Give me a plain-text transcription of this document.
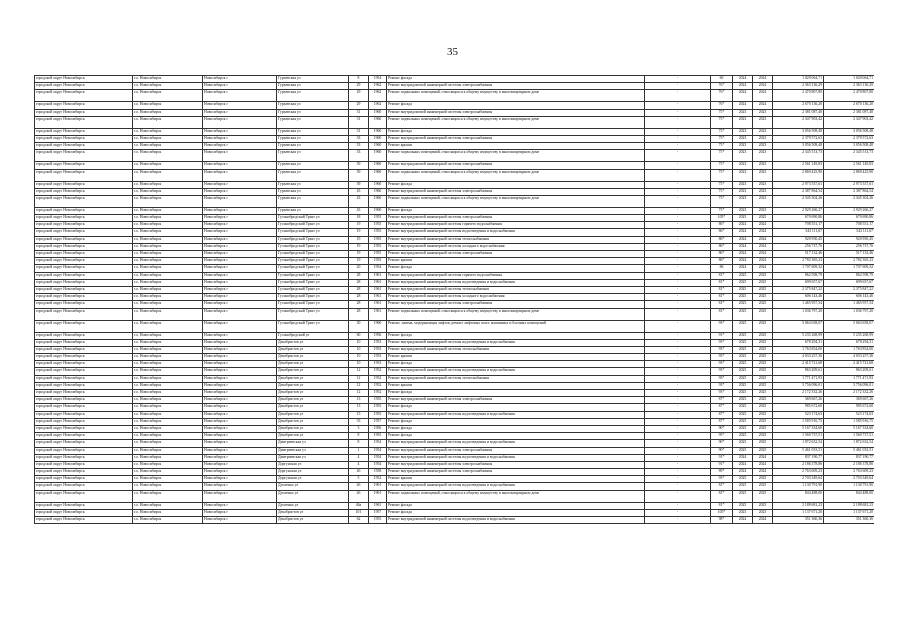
35
городской округ Новосибирск	г.о. Новосибирск	Новосибирск г	Гурьевская ул	8	1954	Ремонт фасада	-	60	2024	2024	1 020 064,71	1 020 064,71
городской округ Новосибирск	г.о. Новосибирск	Новосибирск г	Гурьевская ул	29	1962	Ремонт внутридомовой инженерной системы электроснабжения	-	76*	2024	2024	2 363 136,29	2 363 136,29
городской округ Новосибирск	г.о. Новосибирск	Новосибирск г	Гурьевская ул	29	1962	Ремонт подвальных помещений, относящихся к общему имуществу в многоквартирном доме	-	76*	2024	2024	2 470 807,80	2 470 807,80
городской округ Новосибирск	г.о. Новосибирск	Новосибирск г	Гурьевская ул	29	1962	Ремонт фасада	-	76*	2024	2024	2 670 136,20	2 670 136,20
городской округ Новосибирск	г.о. Новосибирск	Новосибирск г	Гурьевская ул	31	1960	Ремонт внутридомовой инженерной системы электроснабжения	-	75*	2023	2023	2 381 087,40	2 381 087,40
городской округ Новосибирск	г.о. Новосибирск	Новосибирск г	Гурьевская ул	31	1960	Ремонт подвальных помещений, относящихся к общему имуществу в многоквартирном доме	-	75*	2023	2023	2 347 903,42	2 347 903,42
городской округ Новосибирск	г.о. Новосибирск	Новосибирск г	Гурьевская ул	31	1960	Ремонт фасада	-	75*	2023	2023	3 056 508,48	3 056 508,48
городской округ Новосибирск	г.о. Новосибирск	Новосибирск г	Гурьевская ул	33	1960	Ремонт внутридомовой инженерной системы электроснабжения	-	75*	2023	2023	2 379 572,63	2 379 572,63
городской округ Новосибирск	г.о. Новосибирск	Новосибирск г	Гурьевская ул	33	1960	Ремонт крыши	-	75*	2023	2023	3 056 508,48	3 056 508,48
городской округ Новосибирск	г.о. Новосибирск	Новосибирск г	Гурьевская ул	33	1960	Ремонт подвальных помещений, относящихся к общему имуществу в многоквартирном доме	-	75*	2023	2023	2 345 513,73	2 345 513,73
городской округ Новосибирск	г.о. Новосибирск	Новосибирск г	Гурьевская ул	39	1960	Ремонт внутридомовой инженерной системы электроснабжения	-	75*	2023	2023	2 561 149,83	2 561 149,83
городской округ Новосибирск	г.о. Новосибирск	Новосибирск г	Гурьевская ул	39	1960	Ремонт подвальных помещений, относящихся к общему имуществу в многоквартирном доме	-	75*	2023	2023	2 869 425,90	2 869 425,90
городской округ Новосибирск	г.о. Новосибирск	Новосибирск г	Гурьевская ул	39	1960	Ремонт фасада	-	75*	2023	2023	2 973 537,61	2 973 537,61
городской округ Новосибирск	г.о. Новосибирск	Новосибирск г	Гурьевская ул	43	1960	Ремонт внутридомовой инженерной системы электроснабжения	-	75*	2023	2023	2 387 864,54	2 387 864,54
городской округ Новосибирск	г.о. Новосибирск	Новосибирск г	Гурьевская ул	43	1960	Ремонт подвальных помещений, относящихся к общему имуществу в многоквартирном доме	-	75*	2023	2023	2 345 304,26	2 345 304,26
городской округ Новосибирск	г.о. Новосибирск	Новосибирск г	Гурьевская ул	43	1960	Ремонт фасада	-	75*	2023	2023	2 929 266,27	2 929 266,27
городской округ Новосибирск	г.о. Новосибирск	Новосибирск г	Гусинобродский Тракт ул	18	1955	Ремонт внутридомовой инженерной системы электроснабжения	-	105*	2025	2025	670 690,86	670 690,86
городской округ Новосибирск	г.о. Новосибирск	Новосибирск г	Гусинобродский Тракт ул	19	1955	Ремонт внутридомовой инженерной системы горячего водоснабжения	-	86*	2024	2024	708 551,17	708 551,17
городской округ Новосибирск	г.о. Новосибирск	Новосибирск г	Гусинобродский Тракт ул	19	1955	Ремонт внутридомовой инженерной системы водоотведения и водоснабжения	-	86*	2024	2024	543 111,67	543 111,67
городской округ Новосибирск	г.о. Новосибирск	Новосибирск г	Гусинобродский Тракт ул	19	1955	Ремонт внутридомовой инженерной системы теплоснабжения	-	86*	2024	2024	920 950,45	920 950,45
городской округ Новосибирск	г.о. Новосибирск	Новосибирск г	Гусинобродский Тракт ул	19	1955	Ремонт внутридомовой инженерной системы холодного водоснабжения	-	86*	2024	2024	256 737,76	256 737,76
городской округ Новосибирск	г.о. Новосибирск	Новосибирск г	Гусинобродский Тракт ул	19	1955	Ремонт внутридомовой инженерной системы электроснабжения	-	86*	2024	2024	517 132,46	517 132,46
городской округ Новосибирск	г.о. Новосибирск	Новосибирск г	Гусинобродский Тракт ул	19	1955	Ремонт крыши	-	86*	2024	2024	2 782 365,23	2 782 365,23
городской округ Новосибирск	г.о. Новосибирск	Новосибирск г	Гусинобродский Тракт ул	20	1954	Ремонт фасада	-	86	2024	2024	1 707 609,32	1 707 609,32
городской округ Новосибирск	г.о. Новосибирск	Новосибирск г	Гусинобродский Тракт ул	28	1961	Ремонт внутридомовой инженерной системы горячего водоснабжения	-	81*	2025	2025	862 598,79	862 598,79
городской округ Новосибирск	г.о. Новосибирск	Новосибирск г	Гусинобродский Тракт ул	28	1961	Ремонт внутридомовой инженерной системы водоотведения и водоснабжения	-	81*	2025	2025	699 657,67	699 657,67
городской округ Новосибирск	г.о. Новосибирск	Новосибирск г	Гусинобродский Тракт ул	28	1961	Ремонт внутридомовой инженерной системы теплоснабжения	-	81*	2025	2025	2 375 847,22	2 375 847,22
городской округ Новосибирск	г.о. Новосибирск	Новосибирск г	Гусинобродский Тракт ул	28	1961	Ремонт внутридомовой инженерной системы холодного водоснабжения	-	81*	2025	2025	606 143,46	606 143,46
городской округ Новосибирск	г.о. Новосибирск	Новосибирск г	Гусинобродский Тракт ул	28	1961	Ремонт внутридомовой инженерной системы электроснабжения	-	81*	2025	2025	1 465 957,54	1 465 957,54
городской округ Новосибирск	г.о. Новосибирск	Новосибирск г	Гусинобродский Тракт ул	28	1961	Ремонт подвальных помещений, относящихся к общему имуществу в многоквартирном доме	-	81*	2025	2025	1 036 797,20	1 036 797,20
городской округ Новосибирск	г.о. Новосибирск	Новосибирск г	Гусинобродский Тракт ул	30	1960	Ремонт, замена, модернизация лифтов, ремонт лифтовых шахт, машинных и блочных помещений	-	93*	2025	2025	5 063 658,07	5 063 658,07
городской округ Новосибирск	г.о. Новосибирск	Новосибирск г	Гусинобродский ул	60	1956	Ремонт фасада	-	91*	2025	2025	5 235 268,99	5 235 268,99
городской округ Новосибирск	г.о. Новосибирск	Новосибирск г	Декабристов ул	10	1953	Ремонт внутридомовой инженерной системы водоотведения и водоснабжения	-	93*	2025	2025	678 294,31	678 294,31
городской округ Новосибирск	г.о. Новосибирск	Новосибирск г	Декабристов ул	10	1953	Ремонт внутридомовой инженерной системы теплоснабжения	-	93*	2025	2025	1 763 854,00	1 763 854,00
городской округ Новосибирск	г.о. Новосибирск	Новосибирск г	Декабристов ул	10	1953	Ремонт крыши	-	93*	2025	2025	4 033 257,36	4 033 257,36
городской округ Новосибирск	г.о. Новосибирск	Новосибирск г	Декабристов ул	10	1953	Ремонт фасада	-	93*	2025	2025	2 415 721,68	2 415 721,68
городской округ Новосибирск	г.о. Новосибирск	Новосибирск г	Декабристов ул	12	1952	Ремонт внутридомовой инженерной системы водоотведения и водоснабжения	-	93*	2025	2025	863 209,61	863 209,61
городской округ Новосибирск	г.о. Новосибирск	Новосибирск г	Декабристов ул	12	1952	Ремонт внутридомовой инженерной системы теплоснабжения	-	93*	2025	2025	1 771 471,93	1 771 471,93
городской округ Новосибирск	г.о. Новосибирск	Новосибирск г	Декабристов ул	12	1952	Ремонт крыши	-	93*	2025	2025	3 756 096,01	3 756 096,01
городской округ Новосибирск	г.о. Новосибирск	Новосибирск г	Декабристов ул	12	1952	Ремонт фасада	-	93*	2025	2025	2 172 332,26	2 172 332,26
городской округ Новосибирск	г.о. Новосибирск	Новосибирск г	Декабристов ул	13	1955	Ремонт внутридомовой инженерной системы электроснабжения	-	87*	2025	2025	369 667,26	369 667,26
городской округ Новосибирск	г.о. Новосибирск	Новосибирск г	Декабристов ул	13	1955	Ремонт фасада	-	87*	2025	2025	985 672,60	985 672,60
городской округ Новосибирск	г.о. Новосибирск	Новосибирск г	Декабристов ул	15	1955	Ремонт внутридомовой инженерной системы водоотведения и водоснабжения	-	87*	2025	2025	523 174,63	523 174,63
городской округ Новосибирск	г.о. Новосибирск	Новосибирск г	Декабристов ул	33	1957	Ремонт фасада	-	87*	2025	2025	1 585 916,75	1 585 916,75
городской округ Новосибирск	г.о. Новосибирск	Новосибирск г	Декабристов ул	3	1956	Ремонт фасада	-	90*	2025	2025	5 167 334,60	5 167 334,60
городской округ Новосибирск	г.о. Новосибирск	Новосибирск г	Декабристов ул	8	1955	Ремонт фасада	-	95*	2025	2025	1 560 737,51	1 560 737,51
городской округ Новосибирск	г.о. Новосибирск	Новосибирск г	Дмитриевская ул	8	1954	Ремонт внутридомовой инженерной системы водоотведения и водоснабжения	-	90*	2025	2025	1 872 632,54	1 872 632,54
городской округ Новосибирск	г.о. Новосибирск	Новосибирск г	Дмитриевская ул	1	1954	Ремонт внутридомовой инженерной системы электроснабжения	-	90*	2025	2025	5 461 033,51	5 461 033,51
городской округ Новосибирск	г.о. Новосибирск	Новосибирск г	Дмитриевская ул	4	1954	Ремонт внутридомовой инженерной системы водоотведения и водоснабжения	-	91*	2024	2024	837 190,77	837 190,77
городской округ Новосибирск	г.о. Новосибирск	Новосибирск г	Доргунская ул	4	1954	Ремонт внутридомовой инженерной системы электроснабжения	-	91*	2024	2024	2 186 378,86	2 186 378,86
городской округ Новосибирск	г.о. Новосибирск	Новосибирск г	Доргунская ул	4б	1958	Ремонт внутридомовой инженерной системы электроснабжения	-	89*	2024	2024	2 763 609,23	2 763 609,23
городской округ Новосибирск	г.о. Новосибирск	Новосибирск г	Доргунская ул	5	1952	Ремонт крыши	-	93*	2025	2025	2 703 349,64	2 703 349,64
городской округ Новосибирск	г.о. Новосибирск	Новосибирск г	Дупленко ул	4б	1961	Ремонт внутридомовой инженерной системы водоотведения и водоснабжения	-	81*	2025	2025	1 130 791,90	1 130 791,90
городской округ Новосибирск	г.о. Новосибирск	Новосибирск г	Дупленко ул	4б	1961	Ремонт подвальных помещений, относящихся к общему имуществу в многоквартирном доме	-	81*	2025	2025	844 488,00	844 488,00
городской округ Новосибирск	г.о. Новосибирск	Новосибирск г	Дупленко ул	46а	1961	Ремонт фасада	-	81*	2025	2025	2 188 681,23	2 188 681,23
городской округ Новосибирск	г.о. Новосибирск	Новосибирск г	Декабристов ул	101	1957	Ремонт фасада	-	105*	2023	2023	1 137 671,20	1 137 671,20
городской округ Новосибирск	г.о. Новосибирск	Новосибирск г	Декабристов ул	62	1955	Ремонт внутридомовой инженерной системы водоотведения и водоснабжения	-	98*	2024	2024	351 360,36	351 360,36
